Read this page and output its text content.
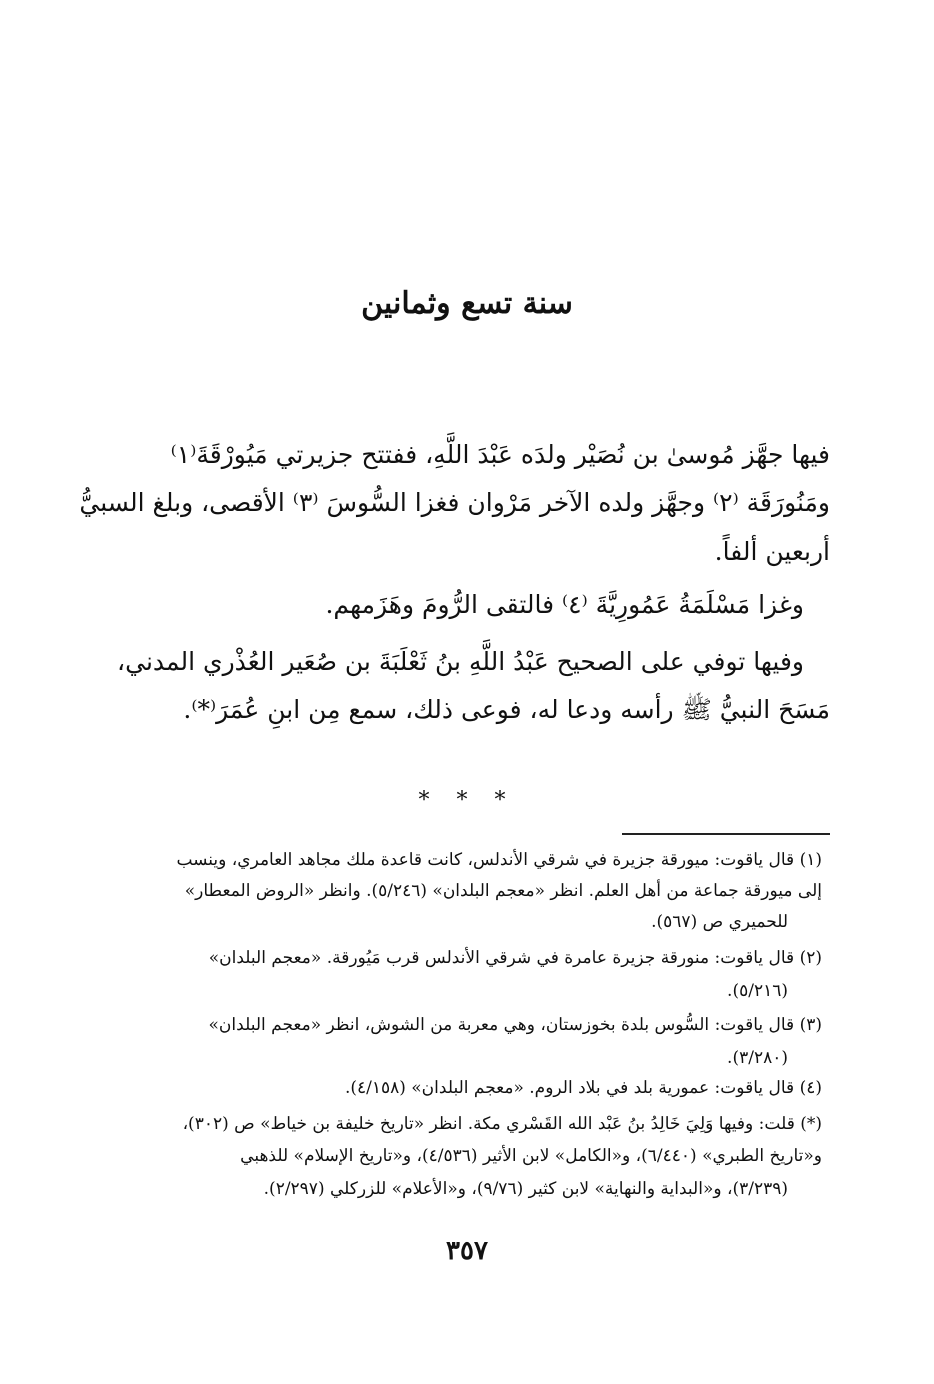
سنة تسع وثمانين
فيها جهَّز مُوسىٰ بن نُصَيْر ولدَه عَبْدَ اللَّهِ، ففتتح جزيرتي مَيُورْقَةَ⁽١⁾
ومَنُورَقَة ⁽٢⁾ وجهَّز ولده الآخر مَرْوان فغزا السُّوسَ ⁽٣⁾ الأقصى، وبلغ السبيُّ
أربعين ألفاً.
وغزا مَسْلَمَةُ عَمُورِيَّةَ ⁽٤⁾ فالتقى الرُّومَ وهَزَمهم.
وفيها توفي على الصحيح عَبْدُ اللَّهِ بنُ ثَعْلَبَةَ بن صُعَير العُذْري المدني،
مَسَحَ النبيُّ ﷺ رأسه ودعا له، فوعى ذلك، سمع مِن ابنِ عُمَرَ⁽*⁾.
* * *
(١) قال ياقوت: ميورقة جزيرة في شرقي الأندلس، كانت قاعدة ملك مجاهد العامري، وينسب
إلى ميورقة جماعة من أهل العلم. انظر «معجم البلدان» (٥/٢٤٦). وانظر «الروض المعطار»
للحميري ص (٥٦٧).
(٢) قال ياقوت: منورقة جزيرة عامرة في شرقي الأندلس قرب مَيُورقة. «معجم البلدان»
(٥/٢١٦).
(٣) قال ياقوت: السُّوس بلدة بخوزستان، وهي معربة من الشوش، انظر «معجم البلدان»
(٣/٢٨٠).
(٤) قال ياقوت: عمورية بلد في بلاد الروم. «معجم البلدان» (٤/١٥٨).
(*) قلت: وفيها وَلِيَ خَالِدُ بنُ عَبْد الله القَسْري مكة. انظر «تاريخ خليفة بن خياط» ص (٣٠٢)،
و«تاريخ الطبري» (٦/٤٤٠)، و«الكامل» لابن الأثير (٤/٥٣٦)، و«تاريخ الإسلام» للذهبي
(٣/٢٣٩)، و«البداية والنهاية» لابن كثير (٩/٧٦)، و«الأعلام» للزركلي (٢/٢٩٧).
٣٥٧
